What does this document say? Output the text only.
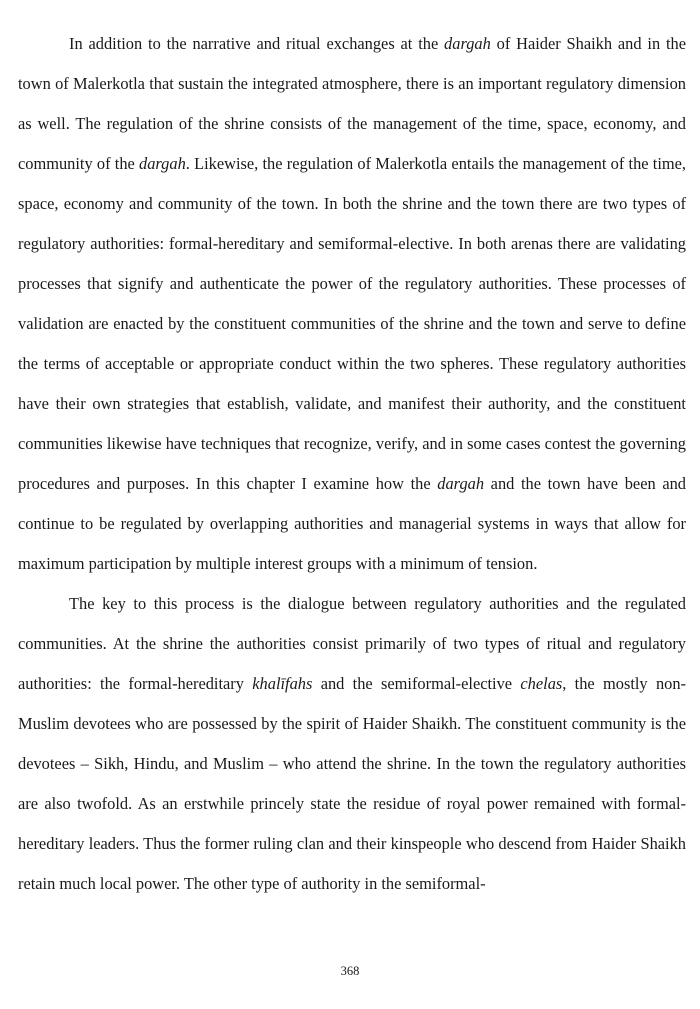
In addition to the narrative and ritual exchanges at the dargah of Haider Shaikh and in the town of Malerkotla that sustain the integrated atmosphere, there is an important regulatory dimension as well. The regulation of the shrine consists of the management of the time, space, economy, and community of the dargah. Likewise, the regulation of Malerkotla entails the management of the time, space, economy and community of the town. In both the shrine and the town there are two types of regulatory authorities: formal-hereditary and semiformal-elective. In both arenas there are validating processes that signify and authenticate the power of the regulatory authorities. These processes of validation are enacted by the constituent communities of the shrine and the town and serve to define the terms of acceptable or appropriate conduct within the two spheres. These regulatory authorities have their own strategies that establish, validate, and manifest their authority, and the constituent communities likewise have techniques that recognize, verify, and in some cases contest the governing procedures and purposes. In this chapter I examine how the dargah and the town have been and continue to be regulated by overlapping authorities and managerial systems in ways that allow for maximum participation by multiple interest groups with a minimum of tension.

The key to this process is the dialogue between regulatory authorities and the regulated communities. At the shrine the authorities consist primarily of two types of ritual and regulatory authorities: the formal-hereditary khalīfahs and the semiformal-elective chelas, the mostly non-Muslim devotees who are possessed by the spirit of Haider Shaikh. The constituent community is the devotees – Sikh, Hindu, and Muslim – who attend the shrine. In the town the regulatory authorities are also twofold. As an erstwhile princely state the residue of royal power remained with formal-hereditary leaders. Thus the former ruling clan and their kinspeople who descend from Haider Shaikh retain much local power. The other type of authority in the semiformal-

368
